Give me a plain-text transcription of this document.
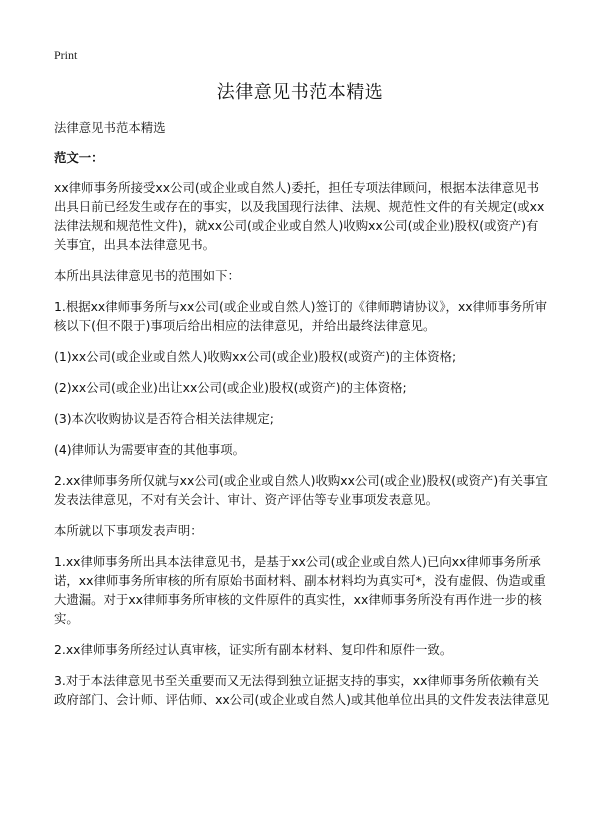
Print
法律意见书范本精选

法律意见书范本精选

范文一：

xx律师事务所接受xx公司(或企业或自然人)委托，担任专项法律顾问，根据本法律意见书出具日前已经发生或存在的事实，以及我国现行法律、法规、规范性文件的有关规定(或xx法律法规和规范性文件)，就xx公司(或企业或自然人)收购xx公司(或企业)股权(或资产)有关事宜，出具本法律意见书。

本所出具法律意见书的范围如下：

1.根据xx律师事务所与xx公司(或企业或自然人)签订的《律师聘请协议》，xx律师事务所审核以下(但不限于)事项后给出相应的法律意见，并给出最终法律意见。

(1)xx公司(或企业或自然人)收购xx公司(或企业)股权(或资产)的主体资格;

(2)xx公司(或企业)出让xx公司(或企业)股权(或资产)的主体资格;

(3)本次收购协议是否符合相关法律规定;

(4)律师认为需要审查的其他事项。

2.xx律师事务所仅就与xx公司(或企业或自然人)收购xx公司(或企业)股权(或资产)有关事宜发表法律意见，不对有关会计、审计、资产评估等专业事项发表意见。

本所就以下事项发表声明：

1.xx律师事务所出具本法律意见书，是基于xx公司(或企业或自然人)已向xx律师事务所承诺，xx律师事务所审核的所有原始书面材料、副本材料均为真实可*，没有虚假、伪造或重大遗漏。对于xx律师事务所审核的文件原件的真实性，xx律师事务所没有再作进一步的核实。

2.xx律师事务所经过认真审核，证实所有副本材料、复印件和原件一致。

3.对于本法律意见书至关重要而又无法得到独立证据支持的事实，xx律师事务所依赖有关政府部门、会计师、评估师、xx公司(或企业或自然人)或其他单位出具的文件发表法律意见
